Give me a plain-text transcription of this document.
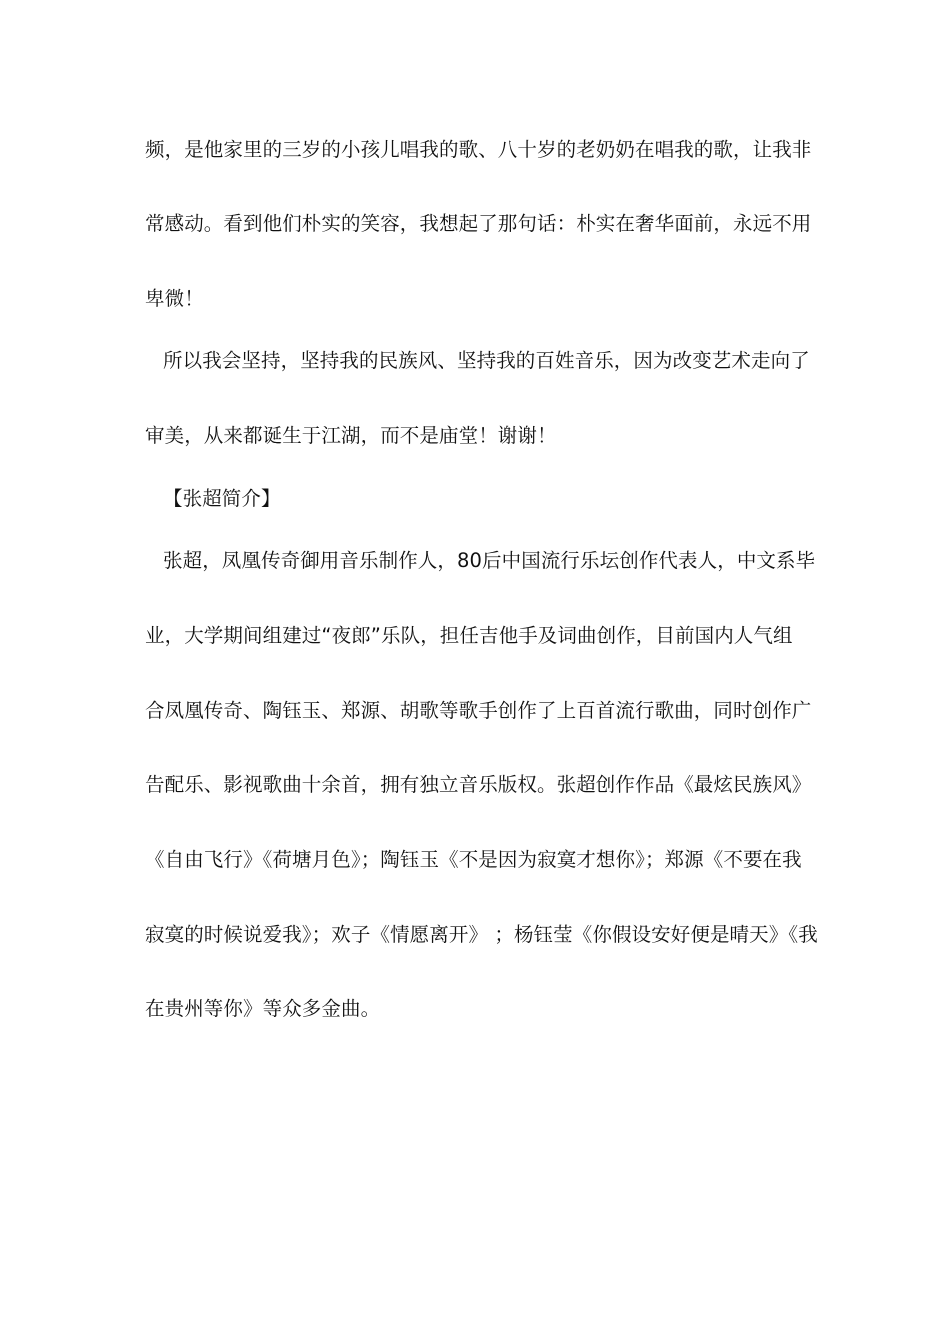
频，是他家里的三岁的小孩儿唱我的歌、八十岁的老奶奶在唱我的歌，让我非
常感动。看到他们朴实的笑容，我想起了那句话：朴实在奢华面前，永远不用
卑微！
所以我会坚持，坚持我的民族风、坚持我的百姓音乐，因为改变艺术走向了
审美，从来都诞生于江湖，而不是庙堂！谢谢！
【张超简介】
张超，凤凰传奇御用音乐制作人，80后中国流行乐坛创作代表人，中文系毕
业，大学期间组建过“夜郎”乐队，担任吉他手及词曲创作，目前国内人气组
合凤凰传奇、陶钰玉、郑源、胡歌等歌手创作了上百首流行歌曲，同时创作广
告配乐、影视歌曲十余首，拥有独立音乐版权。张超创作作品《最炫民族风》
《自由飞行》《荷塘月色》；陶钰玉《不是因为寂寞才想你》；郑源《不要在我
寂寞的时候说爱我》；欢子《情愿离开》 ；杨钰莹《你假设安好便是晴天》《我
在贵州等你》等众多金曲。
